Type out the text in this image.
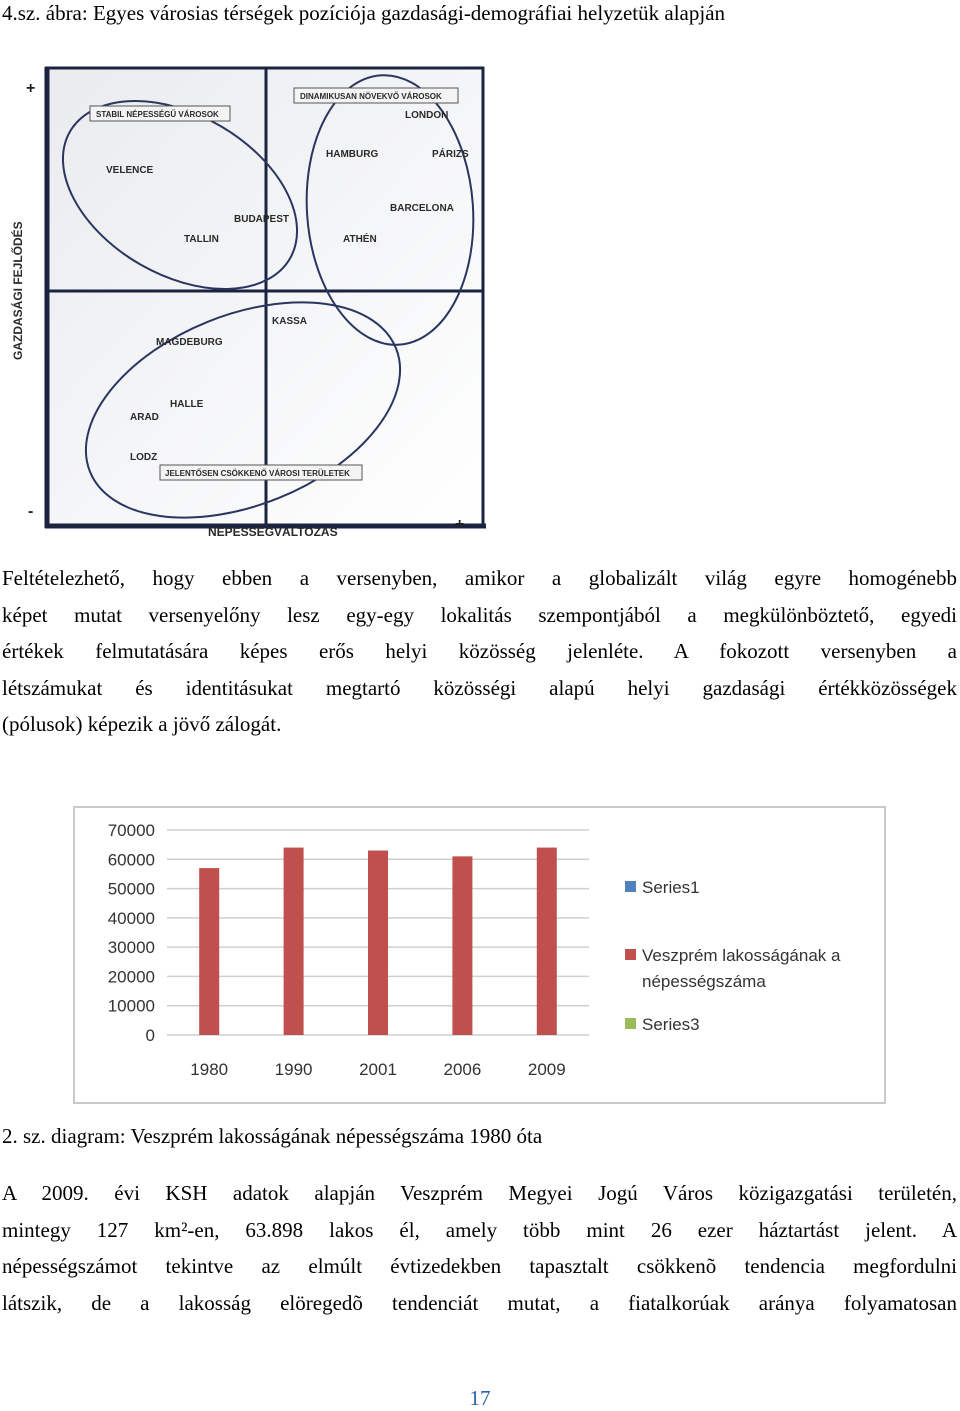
4.sz. ábra: Egyes városias térségek pozíciója gazdasági-demográfiai helyzetük alapján
STABIL NÉPESSÉGŰ VÁROSOK
DINAMIKUSAN NÖVEKVŐ VÁROSOK
JELENTŐSEN CSÖKKENŐ VÁROSI TERÜLETEK
VELENCE
BUDAPEST
TALLIN
LONDON
HAMBURG	PÁRIZS
BARCELONA
ATHÉN
KASSA
MAGDEBURG
HALLE
ARAD
LODZ
+
-
+
NÉPESSÉGVÁLTOZÁS
GAZDASÁGI FEJLŐDÉS
Feltételezhető, hogy ebben a versenyben, amikor a globalizált világ egyre homogénebb
képet mutat versenyelőny lesz egy-egy lokalitás szempontjából a megkülönböztető, egyedi
értékek felmutatására képes erős helyi közösség jelenléte. A fokozott versenyben a
létszámukat és identitásukat megtartó közösségi alapú helyi gazdasági értékközösségek
(pólusok) képezik a jövő zálogát.
70000
60000
50000
40000
30000
20000
10000
0
1980	1990	2001	2006	2009
Series1
Veszprém lakosságának a
népességszáma
Series3
2. sz. diagram: Veszprém lakosságának népességszáma 1980 óta
A 2009. évi KSH adatok alapján Veszprém Megyei Jogú Város közigazgatási területén,
mintegy 127 km²-en, 63.898 lakos él, amely több mint 26 ezer háztartást jelent. A
népességszámot tekintve az elmúlt évtizedekben tapasztalt csökkenõ tendencia megfordulni
látszik, de a lakosság elöregedõ tendenciát mutat, a fiatalkorúak aránya folyamatosan
17
